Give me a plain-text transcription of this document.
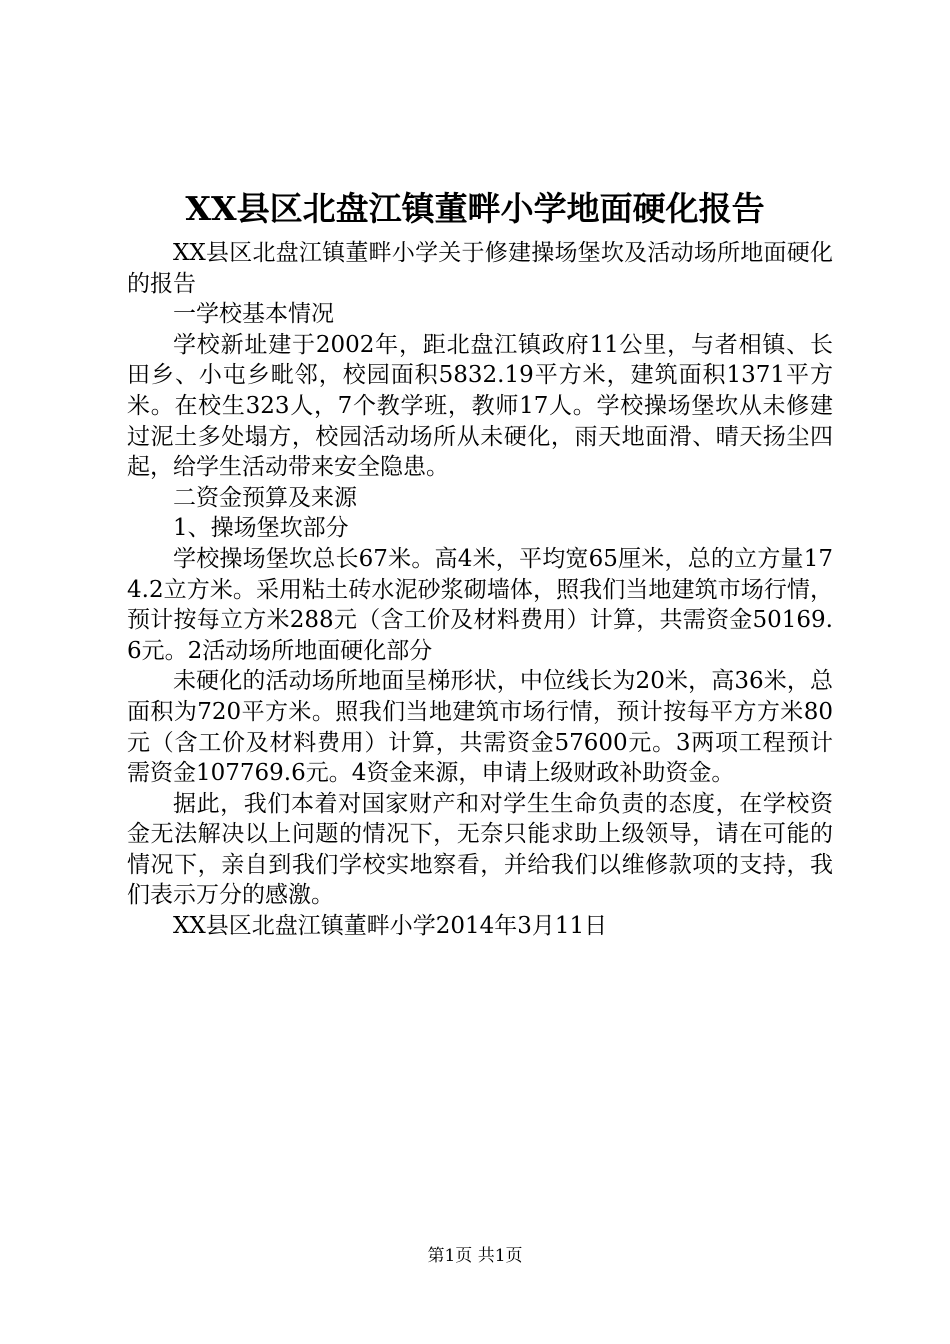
XX县区北盘江镇董畔小学地面硬化报告

XX县区北盘江镇董畔小学关于修建操场堡坎及活动场所地面硬化的报告

一学校基本情况

学校新址建于2002年，距北盘江镇政府11公里，与者相镇、长田乡、小屯乡毗邻，校园面积5832.19平方米，建筑面积1371平方米。在校生323人，7个教学班，教师17人。学校操场堡坎从未修建过泥土多处塌方，校园活动场所从未硬化，雨天地面滑、晴天扬尘四起，给学生活动带来安全隐患。

二资金预算及来源

1、操场堡坎部分

学校操场堡坎总长67米。高4米，平均宽65厘米，总的立方量174.2立方米。采用粘土砖水泥砂浆砌墙体，照我们当地建筑市场行情，预计按每立方米288元（含工价及材料费用）计算，共需资金50169.6元。2活动场所地面硬化部分

未硬化的活动场所地面呈梯形状，中位线长为20米，高36米，总面积为720平方米。照我们当地建筑市场行情，预计按每平方方米80元（含工价及材料费用）计算，共需资金57600元。3两项工程预计需资金107769.6元。4资金来源，申请上级财政补助资金。

据此，我们本着对国家财产和对学生生命负责的态度，在学校资金无法解决以上问题的情况下，无奈只能求助上级领导，请在可能的情况下，亲自到我们学校实地察看，并给我们以维修款项的支持，我们表示万分的感激。

XX县区北盘江镇董畔小学2014年3月11日

第1页 共1页
